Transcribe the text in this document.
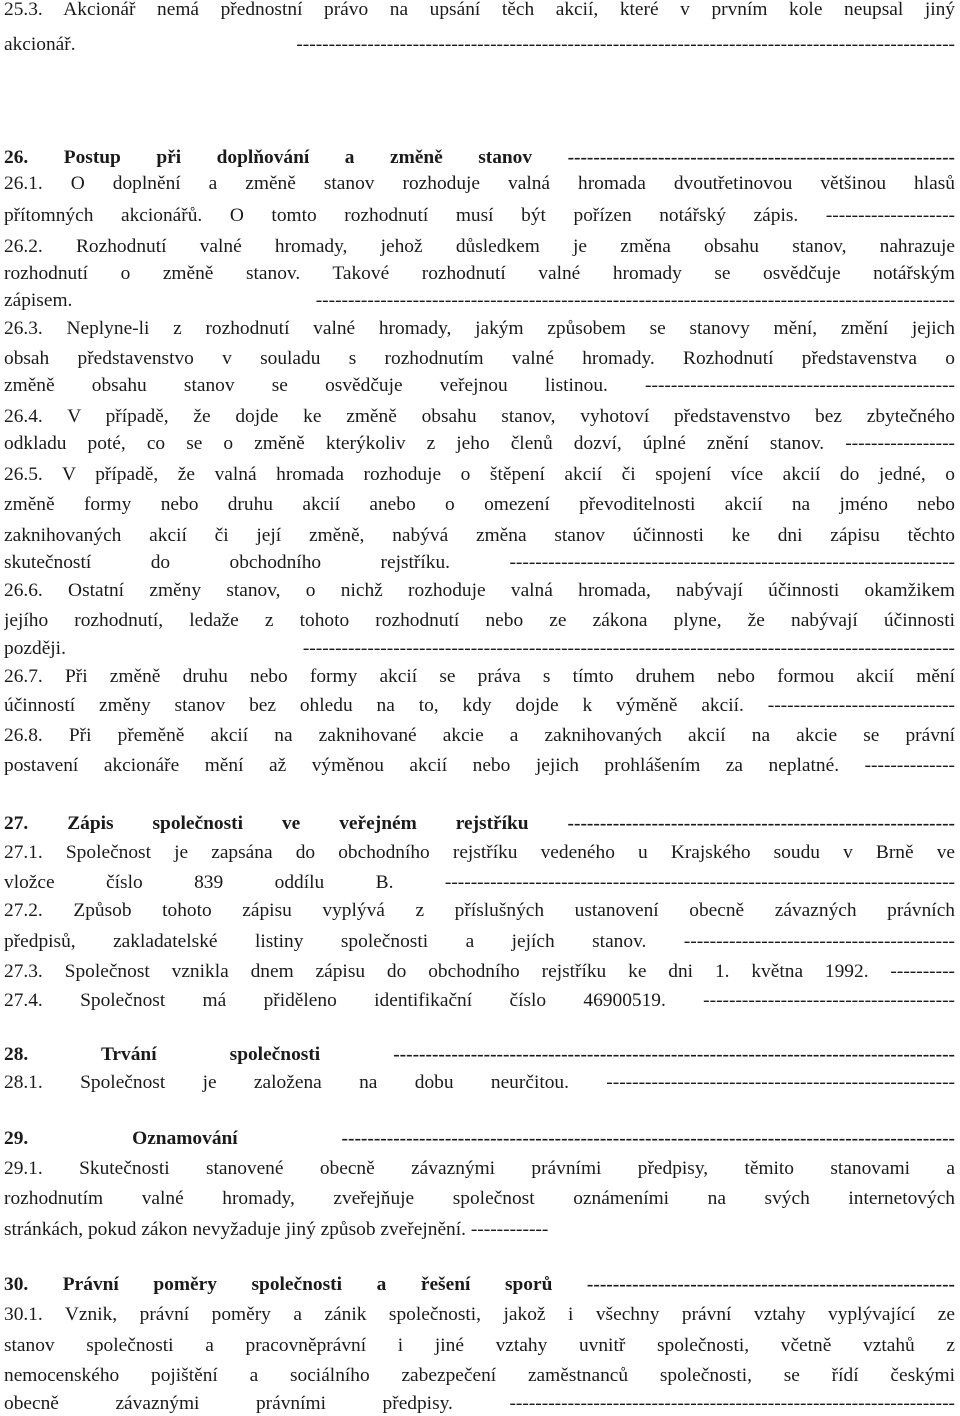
25.3. Akcionář nemá přednostní právo na upsání těch akcií, které v prvním kole neupsal jiný
akcionář. ------------------------------------------------------------------------------------------------------
26. Postup při doplňování a změně stanov ------------------------------------------------------------
26.1. O doplnění a změně stanov rozhoduje valná hromada dvoutřetinovou většinou hlasů
přítomných akcionářů. O tomto rozhodnutí musí být pořízen notářský zápis. --------------------
26.2. Rozhodnutí valné hromady, jehož důsledkem je změna obsahu stanov, nahrazuje
rozhodnutí o změně stanov. Takové rozhodnutí valné hromady se osvědčuje notářským
zápisem. ---------------------------------------------------------------------------------------------------
26.3. Neplyne-li z rozhodnutí valné hromady, jakým způsobem se stanovy mění, změní jejich
obsah představenstvo v souladu s rozhodnutím valné hromady. Rozhodnutí představenstva o
změně obsahu stanov se osvědčuje veřejnou listinou. ------------------------------------------------
26.4. V případě, že dojde ke změně obsahu stanov, vyhotoví představenstvo bez zbytečného
odkladu poté, co se o změně kterýkoliv z jeho členů dozví, úplné znění stanov. -----------------
26.5. V případě, že valná hromada rozhoduje o štěpení akcií či spojení více akcií do jedné, o
změně formy nebo druhu akcií anebo o omezení převoditelnosti akcií na jméno nebo
zaknihovaných akcií či její změně, nabývá změna stanov účinnosti ke dni zápisu těchto
skutečností do obchodního rejstříku. ---------------------------------------------------------------------
26.6. Ostatní změny stanov, o nichž rozhoduje valná hromada, nabývají účinnosti okamžikem
jejího rozhodnutí, ledaže z tohoto rozhodnutí nebo ze zákona plyne, že nabývají účinnosti
později. -----------------------------------------------------------------------------------------------------
26.7. Při změně druhu nebo formy akcií se práva s tímto druhem nebo formou akcií mění
účinností změny stanov bez ohledu na to, kdy dojde k výměně akcií. -----------------------------
26.8. Při přeměně akcií na zaknihované akcie a zaknihovaných akcií na akcie se právní
postavení akcionáře mění až výměnou akcií nebo jejich prohlášením za neplatné. --------------
27. Zápis společnosti ve veřejném rejstříku ------------------------------------------------------------
27.1. Společnost je zapsána do obchodního rejstříku vedeného u Krajského soudu v Brně ve
vložce číslo 839 oddílu B. -------------------------------------------------------------------------------
27.2. Způsob tohoto zápisu vyplývá z příslušných ustanovení obecně závazných právních
předpisů, zakladatelské listiny společnosti a jejích stanov. ------------------------------------------
27.3. Společnost vznikla dnem zápisu do obchodního rejstříku ke dni 1. května 1992. ----------
27.4. Společnost má přiděleno identifikační číslo 46900519. ---------------------------------------
28. Trvání společnosti ---------------------------------------------------------------------------------------
28.1. Společnost je založena na dobu neurčitou. ------------------------------------------------------
29. Oznamování -----------------------------------------------------------------------------------------------
29.1. Skutečnosti stanovené obecně závaznými právními předpisy, těmito stanovami a
rozhodnutím valné hromady, zveřejňuje společnost oznámeními na svých internetových
stránkách, pokud zákon nevyžaduje jiný způsob zveřejnění. ------------
30. Právní poměry společnosti a řešení sporů ---------------------------------------------------------
30.1. Vznik, právní poměry a zánik společnosti, jakož i všechny právní vztahy vyplývající ze
stanov společnosti a pracovněprávní i jiné vztahy uvnitř společnosti, včetně vztahů z
nemocenského pojištění a sociálního zabezpečení zaměstnanců společnosti, se řídí českými
obecně závaznými právními předpisy. ---------------------------------------------------------------------
